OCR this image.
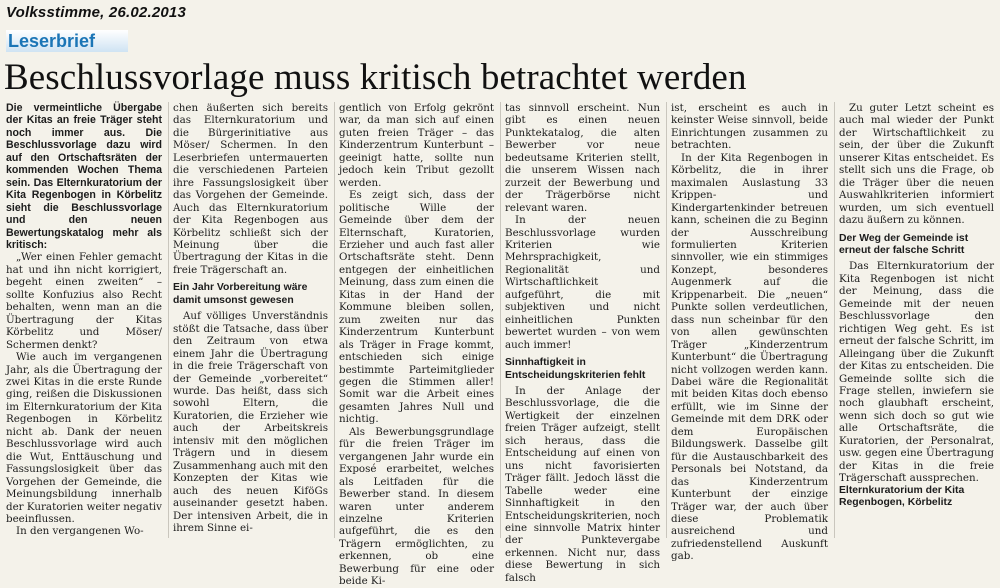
Volksstimme, 26.02.2013
Leserbrief
Beschlussvorlage muss kritisch betrachtet werden

Die vermeintliche Übergabe der Kitas an freie Träger steht noch immer aus. Die Beschlussvorlage dazu wird auf den Ortschaftsräten der kommenden Wochen Thema sein. Das Elternkuratorium der Kita Regenbogen in Körbelitz sieht die Beschlussvorlage und den neuen Bewertungskatalog mehr als kritisch:

„Wer einen Fehler gemacht hat und ihn nicht korrigiert, begeht einen zweiten“ – sollte Konfuzius also Recht behalten, wenn man an die Übertragung der Kitas Körbelitz und Möser/ Schermen denkt?

Wie auch im vergangenen Jahr, als die Übertragung der zwei Kitas in die erste Runde ging, reißen die Diskussionen im Elternkuratorium der Kita Regenbogen in Körbelitz nicht ab. Dank der neuen Beschlussvorlage wird auch die Wut, Enttäuschung und Fassungslosigkeit über das Vorgehen der Gemeinde, die Meinungsbildung innerhalb der Kuratorien weiter negativ beeinflussen.

In den vergangenen Wo-

chen äußerten sich bereits das Elternkuratorium und die Bürgerinitiative aus Möser/ Schermen. In den Leserbriefen untermauerten die verschiedenen Parteien ihre Fassungslosigkeit über das Vorgehen der Gemeinde. Auch das Elternkuratorium der Kita Regenbogen aus Körbelitz schließt sich der Meinung über die Übertragung der Kitas in die freie Trägerschaft an.

Ein Jahr Vorbereitung wäre damit umsonst gewesen

Auf völliges Unverständnis stößt die Tatsache, dass über den Zeitraum von etwa einem Jahr die Übertragung in die freie Trägerschaft von der Gemeinde „vorbereitet“ wurde. Das heißt, dass sich sowohl Eltern, die Kuratorien, die Erzieher wie auch der Arbeitskreis intensiv mit den möglichen Trägern und in diesem Zusammenhang auch mit den Konzepten der Kitas wie auch des neuen KiföGs auseinander gesetzt haben. Der intensiven Arbeit, die in ihrem Sinne ei-

gentlich von Erfolg gekrönt war, da man sich auf einen guten freien Träger – das Kinderzentrum Kunterbunt – geeinigt hatte, sollte nun jedoch kein Tribut gezollt werden.

Es zeigt sich, dass der politische Wille der Gemeinde über dem der Elternschaft, Kuratorien, Erzieher und auch fast aller Ortschaftsräte steht. Denn entgegen der einheitlichen Meinung, dass zum einen die Kitas in der Hand der Kommune bleiben sollen, zum zweiten nur das Kinderzentrum Kunterbunt als Träger in Frage kommt, entschieden sich einige bestimmte Parteimitglieder gegen die Stimmen aller! Somit war die Arbeit eines gesamten Jahres Null und nichtig.

Als Bewerbungsgrundlage für die freien Träger im vergangenen Jahr wurde ein Exposé erarbeitet, welches als Leitfaden für die Bewerber stand. In diesem waren unter anderem einzelne Kriterien aufgeführt, die es den Trägern ermöglichten, zu erkennen, ob eine Bewerbung für eine oder beide Ki-

tas sinnvoll erscheint. Nun gibt es einen neuen Punktekatalog, die alten Bewerber vor neue bedeutsame Kriterien stellt, die unserem Wissen nach zurzeit der Bewerbung und der Trägerbörse nicht relevant waren.

In der neuen Beschlussvorlage wurden Kriterien wie Mehrsprachigkeit, Regionalität und Wirtschaftlichkeit aufgeführt, die mit subjektiven und nicht einheitlichen Punkten bewertet wurden – von wem auch immer!

Sinnhaftigkeit in Entscheidungskriterien fehlt

In der Anlage der Beschlussvorlage, die die Wertigkeit der einzelnen freien Träger aufzeigt, stellt sich heraus, dass die Entscheidung auf einen von uns nicht favorisierten Träger fällt. Jedoch lässt die Tabelle weder eine Sinnhaftigkeit in den Entscheidungskriterien, noch eine sinnvolle Matrix hinter der Punktevergabe erkennen. Nicht nur, dass diese Bewertung in sich falsch

ist, erscheint es auch in keinster Weise sinnvoll, beide Einrichtungen zusammen zu betrachten.

In der Kita Regenbogen in Körbelitz, die in ihrer maximalen Auslastung 33 Krippen- und Kindergartenkinder betreuen kann, scheinen die zu Beginn der Ausschreibung formulierten Kriterien sinnvoller, wie ein stimmiges Konzept, besonderes Augenmerk auf die Krippenarbeit. Die „neuen“ Punkte sollen verdeutlichen, dass nun scheinbar für den von allen gewünschten Träger „Kinderzentrum Kunterbunt“ die Übertragung nicht vollzogen werden kann. Dabei wäre die Regionalität mit beiden Kitas doch ebenso erfüllt, wie im Sinne der Gemeinde mit dem DRK oder dem Europäischen Bildungswerk. Dasselbe gilt für die Austauschbarkeit des Personals bei Notstand, da das Kinderzentrum Kunterbunt der einzige Träger war, der auch über diese Problematik ausreichend und zufriedenstellend Auskunft gab.

Zu guter Letzt scheint es auch mal wieder der Punkt der Wirtschaftlichkeit zu sein, der über die Zukunft unserer Kitas entscheidet. Es stellt sich uns die Frage, ob die Träger über die neuen Auswahlkriterien informiert wurden, um sich eventuell dazu äußern zu können.

Der Weg der Gemeinde ist erneut der falsche Schritt

Das Elternkuratorium der Kita Regenbogen ist nicht der Meinung, dass die Gemeinde mit der neuen Beschlussvorlage den richtigen Weg geht. Es ist erneut der falsche Schritt, im Alleingang über die Zukunft der Kitas zu entscheiden. Die Gemeinde sollte sich die Frage stellen, inwiefern sie noch glaubhaft erscheint, wenn sich doch so gut wie alle Ortschaftsräte, die Kuratorien, der Personalrat, usw. gegen eine Übertragung der Kitas in die freie Trägerschaft aussprechen.

Elternkuratorium der Kita Regenbogen, Körbelitz
